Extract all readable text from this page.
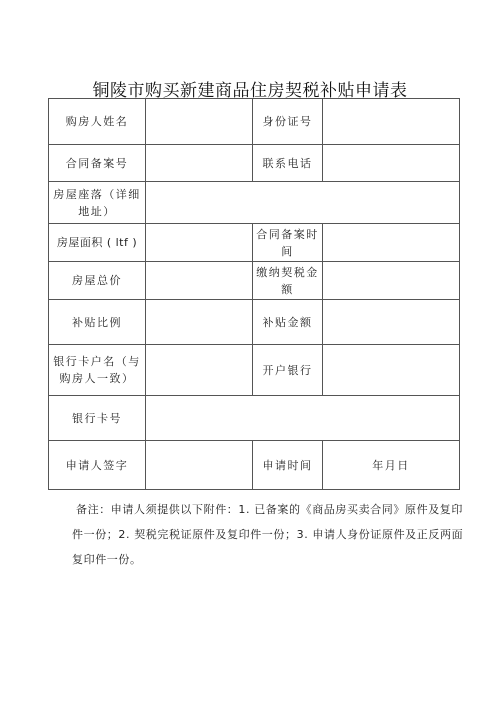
铜陵市购买新建商品住房契税补贴申请表
购房人姓名		身份证号	
合同备案号		联系电话	
房屋座落（详细地址）			
房屋面积 ( ltf )		合同备案时间	
房屋总价		缴纳契税金额	
补贴比例		补贴金额	
银行卡户名（与购房人一致）		开户银行	
银行卡号			
申请人签字		申请时间	年月日
备注：申请人须提供以下附件：1. 已备案的《商品房买卖合同》原件及复印件一份；2. 契税完税证原件及复印件一份；3. 申请人身份证原件及正反两面复印件一份。
